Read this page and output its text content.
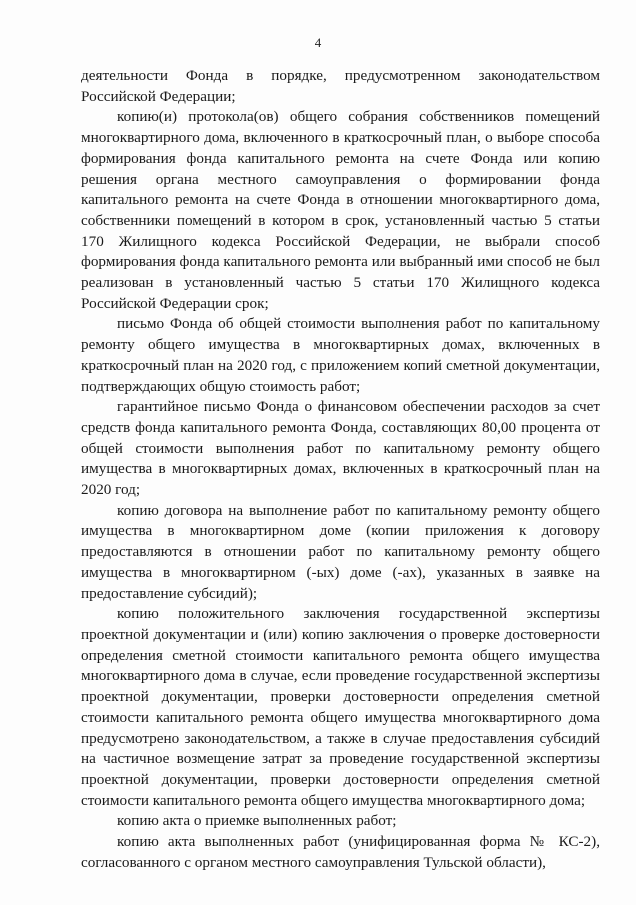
4

деятельности Фонда в порядке, предусмотренном законодательством Российской Федерации;

копию(и) протокола(ов) общего собрания собственников помещений многоквартирного дома, включенного в краткосрочный план, о выборе способа формирования фонда капитального ремонта на счете Фонда или копию решения органа местного самоуправления о формировании фонда капитального ремонта на счете Фонда в отношении многоквартирного дома, собственники помещений в котором в срок, установленный частью 5 статьи 170 Жилищного кодекса Российской Федерации, не выбрали способ формирования фонда капитального ремонта или выбранный ими способ не был реализован в установленный частью 5 статьи 170 Жилищного кодекса Российской Федерации срок;

письмо Фонда об общей стоимости выполнения работ по капитальному ремонту общего имущества в многоквартирных домах, включенных в краткосрочный план на 2020 год, с приложением копий сметной документации, подтверждающих общую стоимость работ;

гарантийное письмо Фонда о финансовом обеспечении расходов за счет средств фонда капитального ремонта Фонда, составляющих 80,00 процента от общей стоимости выполнения работ по капитальному ремонту общего имущества в многоквартирных домах, включенных в краткосрочный план на 2020 год;

копию договора на выполнение работ по капитальному ремонту общего имущества в многоквартирном доме (копии приложения к договору предоставляются в отношении работ по капитальному ремонту общего имущества в многоквартирном (-ых) доме (-ах), указанных в заявке на предоставление субсидий);

копию положительного заключения государственной экспертизы проектной документации и (или) копию заключения о проверке достоверности определения сметной стоимости капитального ремонта общего имущества многоквартирного дома в случае, если проведение государственной экспертизы проектной документации, проверки достоверности определения сметной стоимости капитального ремонта общего имущества многоквартирного дома предусмотрено законодательством, а также в случае предоставления субсидий на частичное возмещение затрат за проведение государственной экспертизы проектной документации, проверки достоверности определения сметной стоимости капитального ремонта общего имущества многоквартирного дома;

копию акта о приемке выполненных работ;

копию акта выполненных работ (унифицированная форма № КС-2), согласованного с органом местного самоуправления Тульской области),
